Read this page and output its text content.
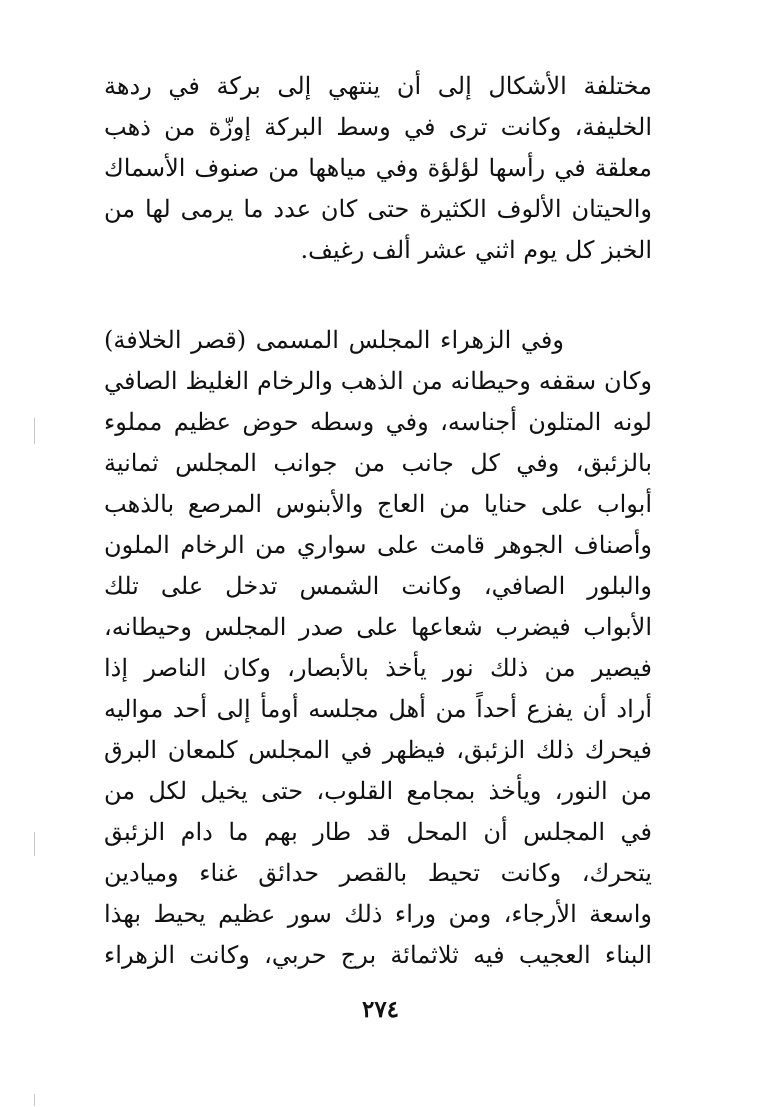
مختلفة الأشكال إلى أن ينتهي إلى بركة في ردهة
الخليفة، وكانت ترى في وسط البركة إوزّة من ذهب
معلقة في رأسها لؤلؤة وفي مياهها من صنوف الأسماك
والحيتان الألوف الكثيرة حتى كان عدد ما يرمى لها من
الخبز كل يوم اثني عشر ألف رغيف.
وفي الزهراء المجلس المسمى (قصر الخلافة)
وكان سقفه وحيطانه من الذهب والرخام الغليظ الصافي
لونه المتلون أجناسه، وفي وسطه حوض عظيم مملوء
بالزئبق، وفي كل جانب من جوانب المجلس ثمانية
أبواب على حنايا من العاج والأبنوس المرصع بالذهب
وأصناف الجوهر قامت على سواري من الرخام الملون
والبلور الصافي، وكانت الشمس تدخل على تلك
الأبواب فيضرب شعاعها على صدر المجلس وحيطانه،
فيصير من ذلك نور يأخذ بالأبصار، وكان الناصر إذا
أراد أن يفزع أحداً من أهل مجلسه أومأ إلى أحد مواليه
فيحرك ذلك الزئبق، فيظهر في المجلس كلمعان البرق
من النور، ويأخذ بمجامع القلوب، حتى يخيل لكل من
في المجلس أن المحل قد طار بهم ما دام الزئبق
يتحرك، وكانت تحيط بالقصر حدائق غناء وميادين
واسعة الأرجاء، ومن وراء ذلك سور عظيم يحيط بهذا
البناء العجيب فيه ثلاثمائة برج حربي، وكانت الزهراء
٢٧٤
